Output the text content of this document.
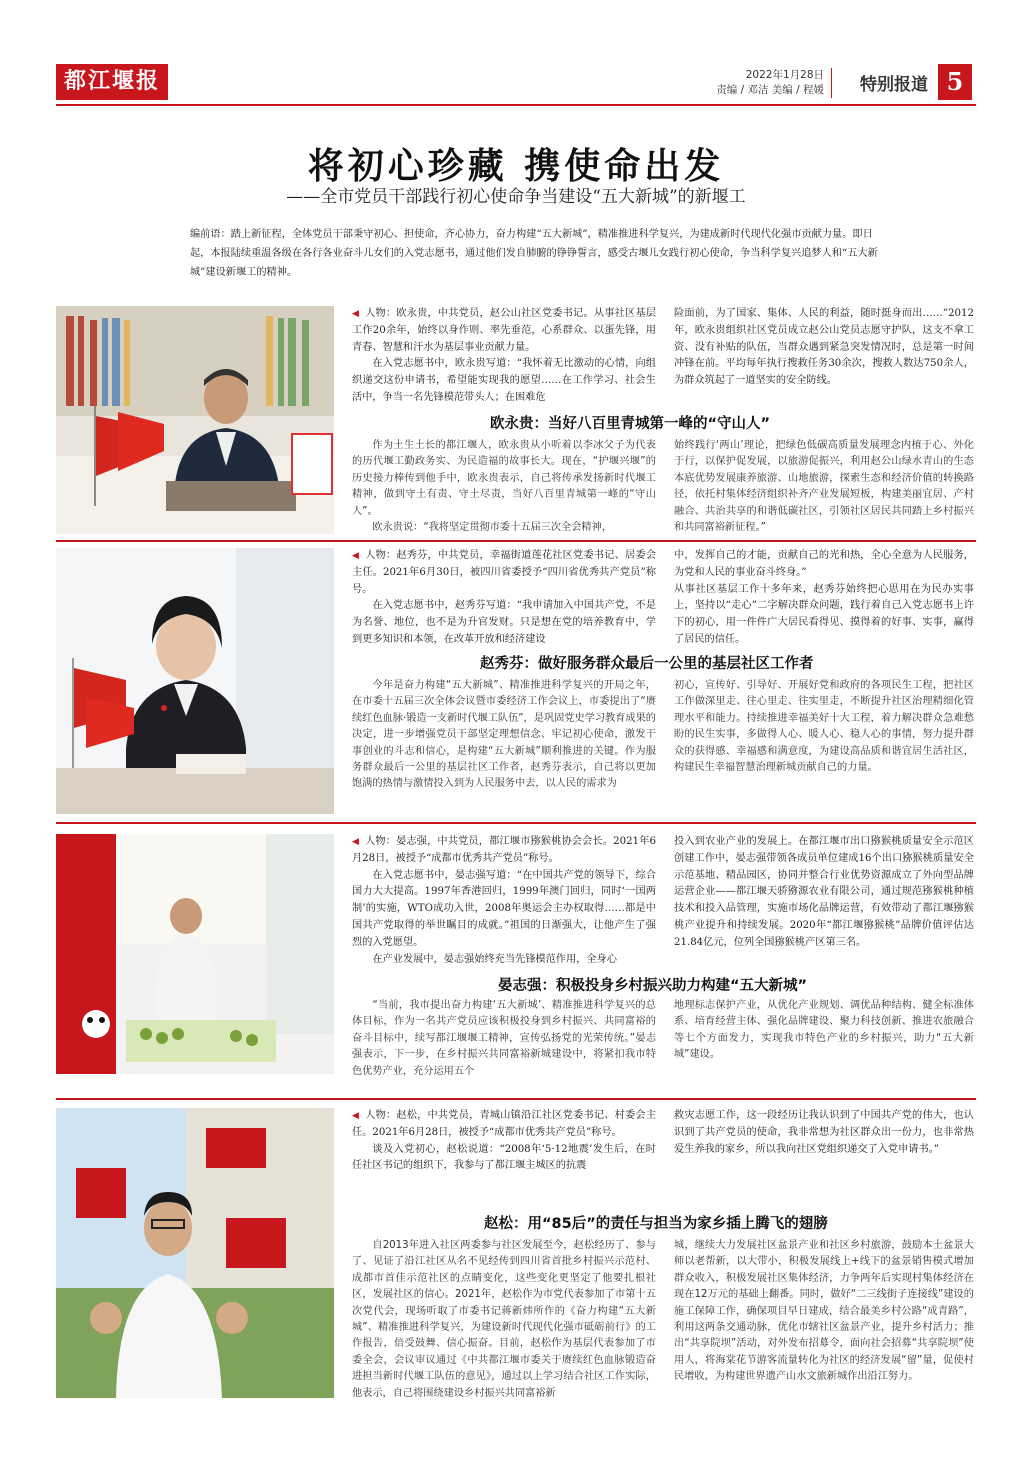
都江堰报	2022年1月28日
责编 / 邓洁 美编 / 程媛 特别报道 5
将初心珍藏 携使命出发
——全市党员干部践行初心使命争当建设“五大新城”的新堰工
编前语：踏上新征程，全体党员干部秉守初心、担使命，齐心协力，奋力构建“五大新城”，精准推进科学复兴，为建成新时代现代化强市贡献力量。即日起，本报陆续重温各级在各行各业奋斗儿女们的入党志愿书，通过他们发自肺腑的铮铮誓言，感受古堰儿女践行初心使命，争当科学复兴追梦人和“五大新城”建设新堰工的精神。

◀ 人物：欧永贵，中共党员，赵公山社区党委书记。从事社区基层工作20余年，始终以身作则、率先垂范，心系群众、以蛋先锋，用青春、智慧和汗水为基层事业贡献力量。

在入党志愿书中，欧永贵写道：“我怀着无比激动的心情，向组织递交这份申请书，希望能实现我的愿望……在工作学习、社会生活中，争当一名先锋模范带头人；在困难危

险面前，为了国家、集体、人民的利益，随时挺身而出……”2012年，欧永贵组织社区党员成立赵公山党员志愿守护队，这支不拿工资、没有补贴的队伍，当群众遇到紧急突发情况时，总是第一时间冲锋在前。平均每年执行搜救任务30余次，搜救人数达750余人，为群众筑起了一道坚实的安全防线。
欧永贵：当好八百里青城第一峰的“守山人”

作为土生土长的都江堰人，欧永贵从小听着以李冰父子为代表的历代堰工勤政务实、为民造福的故事长大。现在，“护堰兴堰”的历史接力棒传到他手中，欧永贵表示，自己将传承发扬新时代堰工精神，做到守土有责、守土尽责，当好八百里青城第一峰的“守山人”。

欧永贵说：“我将坚定贯彻市委十五届三次全会精神，

始终践行‘两山’理论，把绿色低碳高质量发展理念内植于心、外化于行，以保护促发展，以旅游促振兴，利用赵公山绿水青山的生态本底优势发展康养旅游、山地旅游，探索生态和经济价值的转换路径，依托村集体经济组织补齐产业发展短板，构建美丽宜居、产村融合、共治共享的和谐低碳社区，引领社区居民共同踏上乡村振兴和共同富裕新征程。”

◀ 人物：赵秀芬，中共党员，幸福街道莲花社区党委书记、居委会主任。2021年6月30日，被四川省委授予“四川省优秀共产党员”称号。

在入党志愿书中，赵秀芬写道：“我申请加入中国共产党，不是为名誉、地位，也不是为升官发财。只是想在党的培养教育中，学到更多知识和本领，在改革开放和经济建设

中，发挥自己的才能，贡献自己的光和热，全心全意为人民服务，为党和人民的事业奋斗终身。”
从事社区基层工作十多年来，赵秀芬始终把心思用在为民办实事上，坚持以“走心”二字解决群众问题，践行着自己入党志愿书上许下的初心，用一件件广大居民看得见、摸得着的好事、实事，赢得了居民的信任。
赵秀芬：做好服务群众最后一公里的基层社区工作者

今年是奋力构建“五大新城”、精准推进科学复兴的开局之年，在市委十五届三次全体会议暨市委经济工作会议上，市委提出了“赓续红色血脉·锻造一支新时代堰工队伍”，是巩固党史学习教育成果的决定，进一步增强党员干部坚定理想信念、牢记初心使命，激发干事创业的斗志和信心，是构建“五大新城”顺利推进的关键。作为服务群众最后一公里的基层社区工作者，赵秀芬表示，自己将以更加饱满的热情与激情投入到为人民服务中去，以人民的需求为

初心，宣传好、引导好、开展好党和政府的各项民生工程，把社区工作做深里走、往心里走、往实里走，不断提升社区治理精细化管理水平和能力。持续推进幸福美好十大工程，着力解决群众急难愁盼的民生实事，多做得人心、暖人心、稳人心的事情，努力提升群众的获得感、幸福感和满意度，为建设高品质和谐宜居生活社区，构建民生幸福智慧治理新城贡献自己的力量。

◀ 人物：晏志强，中共党员，都江堰市猕猴桃协会会长。2021年6月28日，被授予“成都市优秀共产党员”称号。

在入党志愿书中，晏志强写道：“在中国共产党的领导下，综合国力大大提高。1997年香港回归，1999年澳门回归，同时‘一国两制’的实施，WTO成功入世，2008年奥运会主办权取得……都是中国共产党取得的举世瞩目的成就。”祖国的日渐强大，让他产生了强烈的入党愿望。

在产业发展中，晏志强始终充当先锋模范作用，全身心

投入到农业产业的发展上。在都江堰市出口猕猴桃质量安全示范区创建工作中，晏志强带领各成员单位建成16个出口猕猴桃质量安全示范基地、精品园区，协同并整合行业优势资源成立了外向型品牌运营企业——都江堰天骄猕源农业有限公司，通过规范猕猴桃种植技术和投入品管理，实施市场化品牌运营，有效带动了都江堰猕猴桃产业提升和持续发展。2020年“都江堰猕猴桃”品牌价值评估达21.84亿元，位列全国猕猴桃产区第三名。
晏志强：积极投身乡村振兴助力构建“五大新城”

“当前，我市提出奋力构建‘五大新城’、精准推进科学复兴的总体目标，作为一名共产党员应该积极投身到乡村振兴、共同富裕的奋斗目标中，续写都江堰堰工精神，宣传弘扬党的光荣传统。”晏志强表示，下一步，在乡村振兴共同富裕新城建设中，将紧扣我市特色优势产业，充分运用五个

地理标志保护产业，从优化产业规划、调优品种结构、健全标准体系、培育经营主体、强化品牌建设、聚力科技创新、推进农旅融合等七个方面发力，实现我市特色产业的乡村振兴，助力“五大新城”建设。

◀ 人物：赵松，中共党员，青城山镇沿江社区党委书记、村委会主任。2021年6月28日，被授予“成都市优秀共产党员”称号。

谈及入党初心，赵松说道：“2008年‘5·12地震’发生后，在时任社区书记的组织下，我参与了都江堰主城区的抗震

救灾志愿工作，这一段经历让我认识到了中国共产党的伟大，也认识到了共产党员的使命，我非常想为社区群众出一份力，也非常热爱生养我的家乡，所以我向社区党组织递交了入党申请书。”
赵松：用“85后”的责任与担当为家乡插上腾飞的翅膀

自2013年进入社区两委参与社区发展至今，赵松经历了、参与了、见证了沿江社区从名不见经传到四川省首批乡村振兴示范村、成都市首佳示范社区的点睛变化，这些变化更坚定了他要扎根社区，发展社区的信心。2021年，赵松作为市党代表参加了市第十五次党代会，现场听取了市委书记蒋新炜所作的《奋力构建“五大新城”、精准推进科学复兴，为建设新时代现代化强市砥砺前行》的工作报告，倍受鼓舞、信心振奋。目前，赵松作为基层代表参加了市委全会，会议审议通过《中共都江堰市委关于赓续红色血脉锻造奋进担当新时代堰工队伍的意见》，通过以上学习结合社区工作实际，他表示，自己将围绕建设乡村振兴共同富裕新

城，继续大力发展社区盆景产业和社区乡村旅游，鼓励本土盆景大师以老帮新，以大带小，积极发展线上+线下的盆景销售模式增加群众收入，积极发展社区集体经济，力争两年后实现村集体经济在现在12万元的基础上翻番。同时，做好“二三线街子连接线”建设的施工保障工作，确保项目早日建成，结合最美乡村公路“成青路”，利用这两条交通动脉，优化市辖社区盆景产业，提升乡村活力；推出“共享院坝”活动，对外发布招募令，面向社会招募“共享院坝”使用人，将海棠花节游客流量转化为社区的经济发展“留”量，促使村民增收，为构建世界遗产山水文旅新城作出沿江努力。
